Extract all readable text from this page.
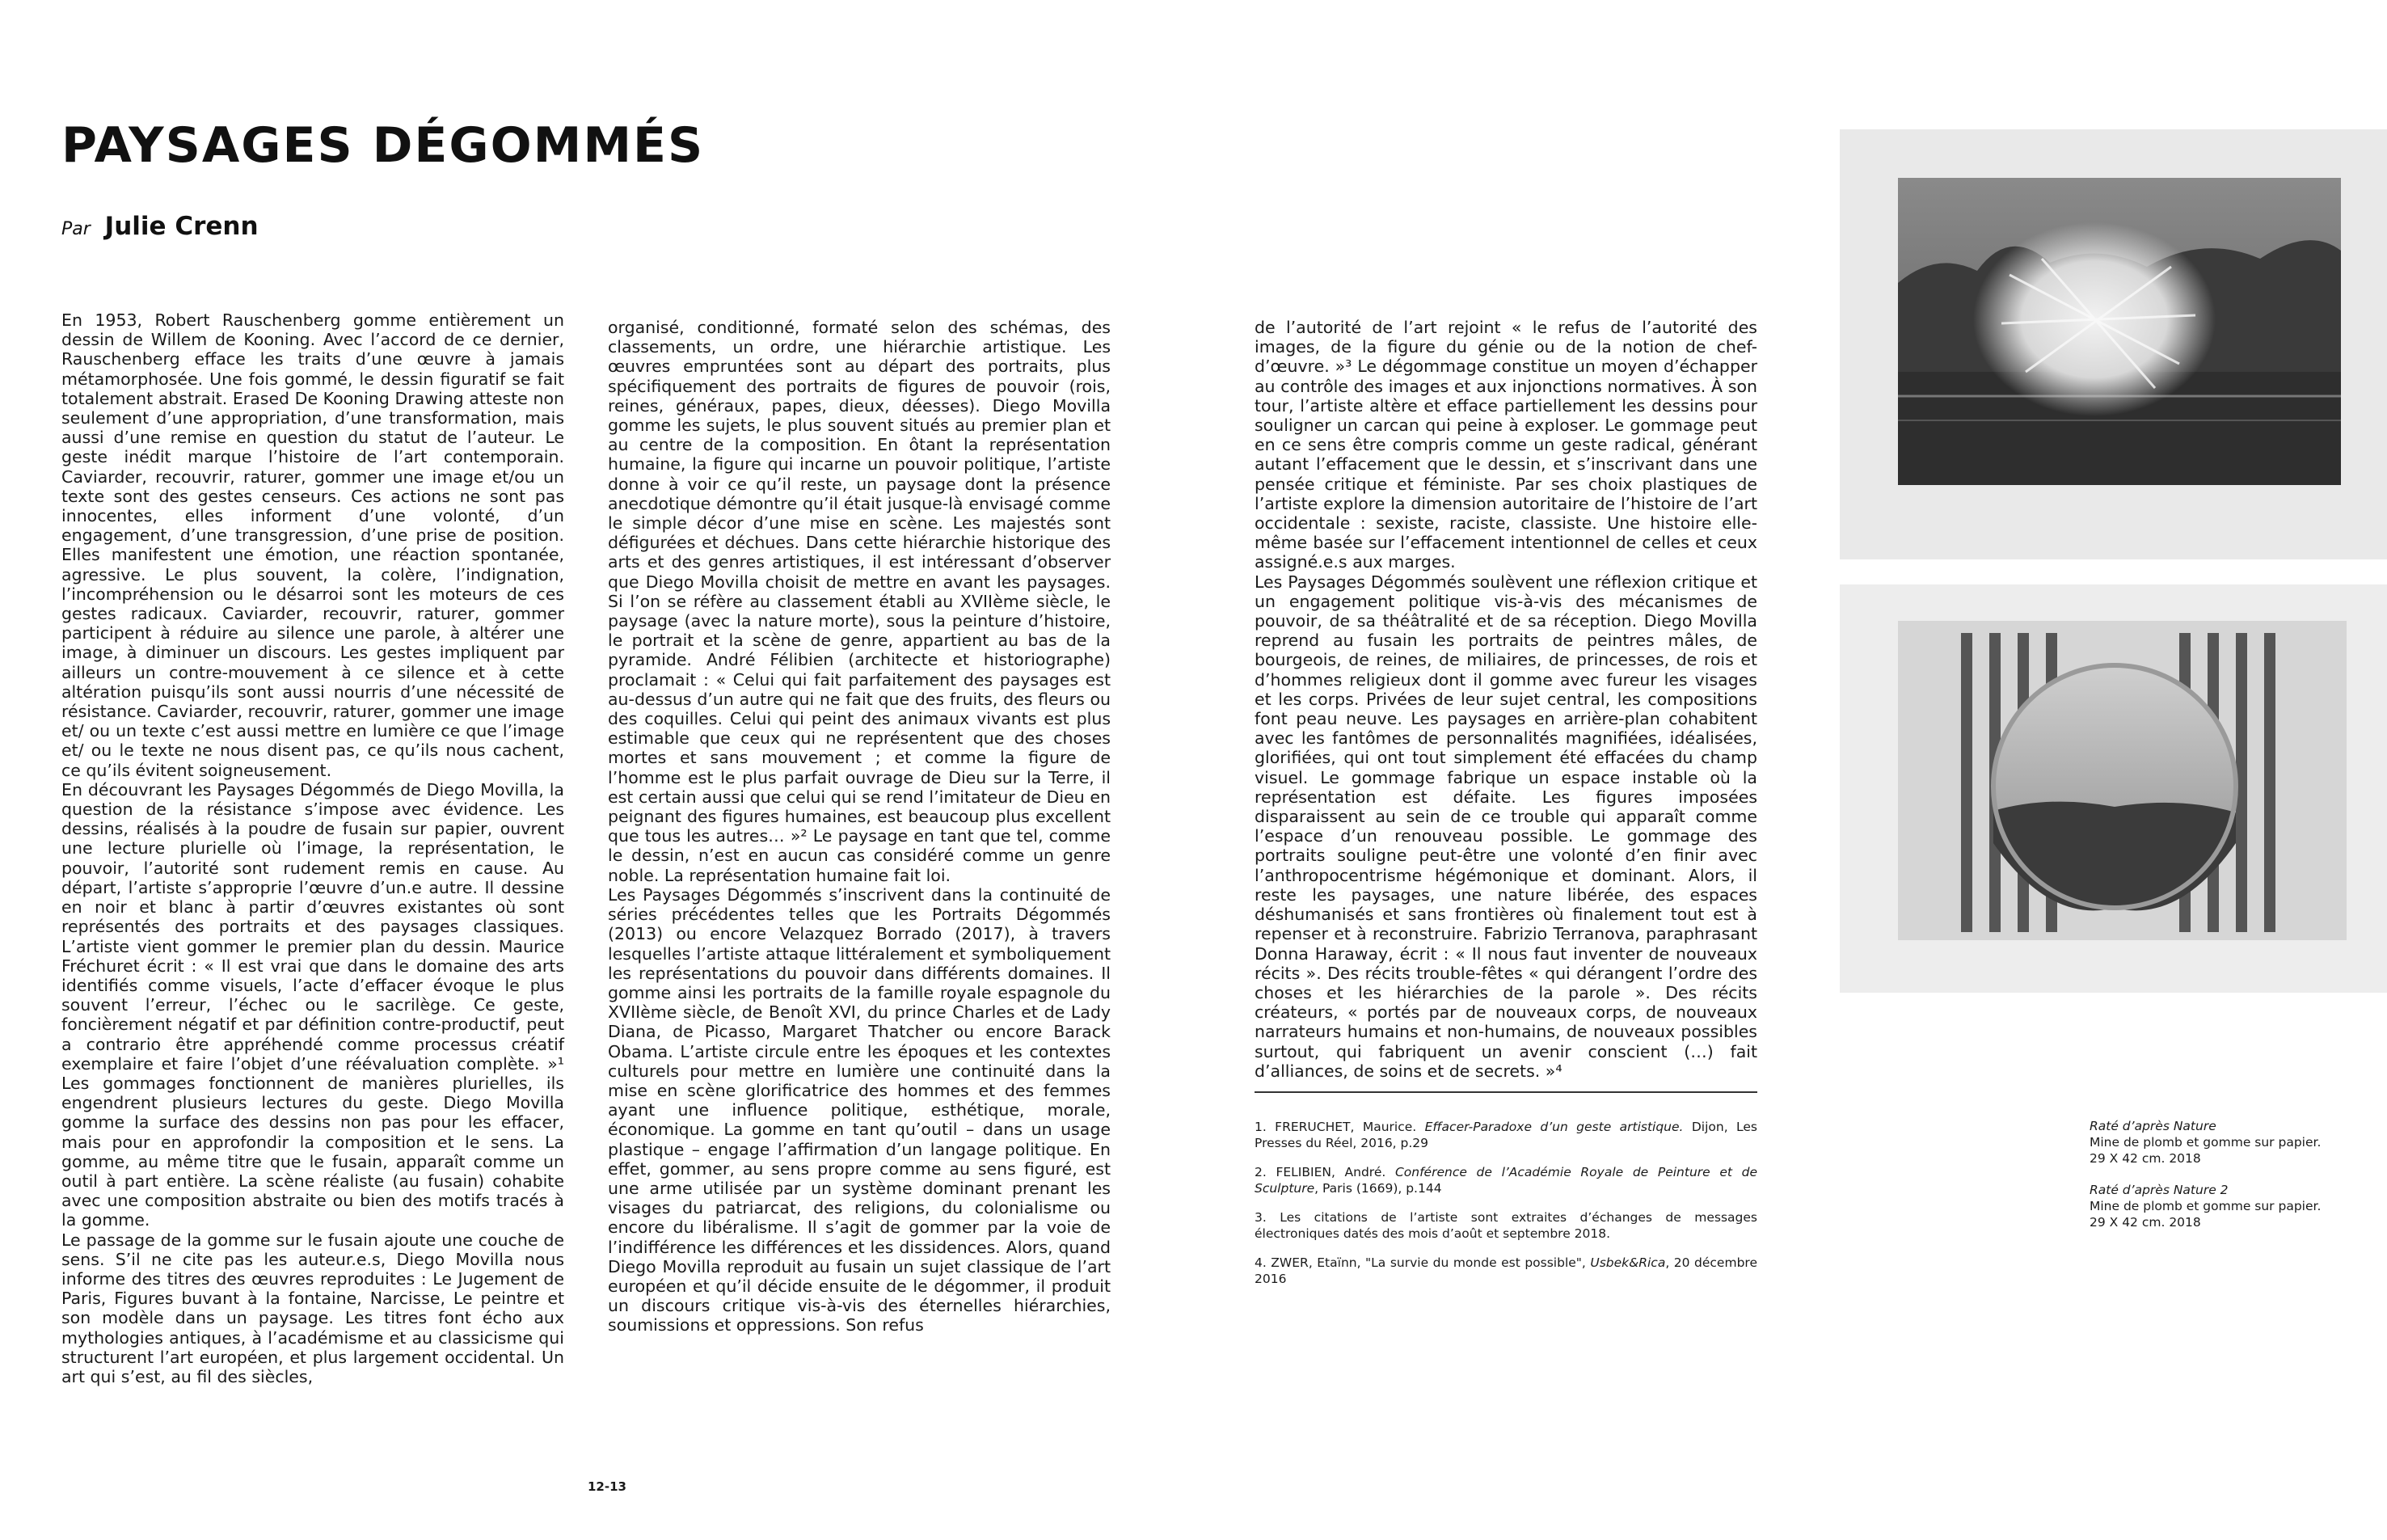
PAYSAGES DÉGOMMÉS
Par Julie Crenn

En 1953, Robert Rauschenberg gomme entièrement un dessin de Willem de Kooning. Avec l’accord de ce dernier, Rauschenberg efface les traits d’une œuvre à jamais métamorphosée. Une fois gommé, le dessin figuratif se fait totalement abstrait. Erased De Kooning Drawing atteste non seulement d’une appropriation, d’une transformation, mais aussi d’une remise en question du statut de l’auteur. Le geste inédit marque l’histoire de l’art contemporain. Caviarder, recouvrir, raturer, gommer une image et/ou un texte sont des gestes censeurs. Ces actions ne sont pas innocentes, elles informent d’une volonté, d’un engagement, d’une transgression, d’une prise de position. Elles manifestent une émotion, une réaction spontanée, agressive. Le plus souvent, la colère, l’indignation, l’incompréhension ou le désarroi sont les moteurs de ces gestes radicaux. Caviarder, recouvrir, raturer, gommer participent à réduire au silence une parole, à altérer une image, à diminuer un discours. Les gestes impliquent par ailleurs un contre-mouvement à ce silence et à cette altération puisqu’ils sont aussi nourris d’une nécessité de résistance. Caviarder, recouvrir, raturer, gommer une image et/ ou un texte c’est aussi mettre en lumière ce que l’image et/ ou le texte ne nous disent pas, ce qu’ils nous cachent, ce qu’ils évitent soigneusement.

En découvrant les Paysages Dégommés de Diego Movilla, la question de la résistance s’impose avec évidence. Les dessins, réalisés à la poudre de fusain sur papier, ouvrent une lecture plurielle où l’image, la représentation, le pouvoir, l’autorité sont rudement remis en cause. Au départ, l’artiste s’approprie l’œuvre d’un.e autre. Il dessine en noir et blanc à partir d’œuvres existantes où sont représentés des portraits et des paysages classiques. L’artiste vient gommer le premier plan du dessin. Maurice Fréchuret écrit : « Il est vrai que dans le domaine des arts identifiés comme visuels, l’acte d’effacer évoque le plus souvent l’erreur, l’échec ou le sacrilège. Ce geste, foncièrement négatif et par définition contre-productif, peut a contrario être appréhendé comme processus créatif exemplaire et faire l’objet d’une réévaluation complète. »¹ Les gommages fonctionnent de manières plurielles, ils engendrent plusieurs lectures du geste. Diego Movilla gomme la surface des dessins non pas pour les effacer, mais pour en approfondir la composition et le sens. La gomme, au même titre que le fusain, apparaît comme un outil à part entière. La scène réaliste (au fusain) cohabite avec une composition abstraite ou bien des motifs tracés à la gomme.

Le passage de la gomme sur le fusain ajoute une couche de sens. S’il ne cite pas les auteur.e.s, Diego Movilla nous informe des titres des œuvres reproduites : Le Jugement de Paris, Figures buvant à la fontaine, Narcisse, Le peintre et son modèle dans un paysage. Les titres font écho aux mythologies antiques, à l’académisme et au classicisme qui structurent l’art européen, et plus largement occidental. Un art qui s’est, au fil des siècles,

organisé, conditionné, formaté selon des schémas, des classements, un ordre, une hiérarchie artistique. Les œuvres empruntées sont au départ des portraits, plus spécifiquement des portraits de figures de pouvoir (rois, reines, généraux, papes, dieux, déesses). Diego Movilla gomme les sujets, le plus souvent situés au premier plan et au centre de la composition. En ôtant la représentation humaine, la figure qui incarne un pouvoir politique, l’artiste donne à voir ce qu’il reste, un paysage dont la présence anecdotique démontre qu’il était jusque-là envisagé comme le simple décor d’une mise en scène. Les majestés sont défigurées et déchues. Dans cette hiérarchie historique des arts et des genres artistiques, il est intéressant d’observer que Diego Movilla choisit de mettre en avant les paysages. Si l’on se réfère au classement établi au XVIIème siècle, le paysage (avec la nature morte), sous la peinture d’histoire, le portrait et la scène de genre, appartient au bas de la pyramide. André Félibien (architecte et historiographe) proclamait : « Celui qui fait parfaitement des paysages est au-dessus d’un autre qui ne fait que des fruits, des fleurs ou des coquilles. Celui qui peint des animaux vivants est plus estimable que ceux qui ne représentent que des choses mortes et sans mouvement ; et comme la figure de l’homme est le plus parfait ouvrage de Dieu sur la Terre, il est certain aussi que celui qui se rend l’imitateur de Dieu en peignant des figures humaines, est beaucoup plus excellent que tous les autres… »² Le paysage en tant que tel, comme le dessin, n’est en aucun cas considéré comme un genre noble. La représentation humaine fait loi.

Les Paysages Dégommés s’inscrivent dans la continuité de séries précédentes telles que les Portraits Dégommés (2013) ou encore Velazquez Borrado (2017), à travers lesquelles l’artiste attaque littéralement et symboliquement les représentations du pouvoir dans différents domaines. Il gomme ainsi les portraits de la famille royale espagnole du XVIIème siècle, de Benoît XVI, du prince Charles et de Lady Diana, de Picasso, Margaret Thatcher ou encore Barack Obama. L’artiste circule entre les époques et les contextes culturels pour mettre en lumière une continuité dans la mise en scène glorificatrice des hommes et des femmes ayant une influence politique, esthétique, morale, économique. La gomme en tant qu’outil – dans un usage plastique – engage l’affirmation d’un langage politique. En effet, gommer, au sens propre comme au sens figuré, est une arme utilisée par un système dominant prenant les visages du patriarcat, des religions, du colonialisme ou encore du libéralisme. Il s’agit de gommer par la voie de l’indifférence les différences et les dissidences. Alors, quand Diego Movilla reproduit au fusain un sujet classique de l’art européen et qu’il décide ensuite de le dégommer, il produit un discours critique vis-à-vis des éternelles hiérarchies, soumissions et oppressions. Son refus

de l’autorité de l’art rejoint « le refus de l’autorité des images, de la figure du génie ou de la notion de chef-d’œuvre. »³ Le dégommage constitue un moyen d’échapper au contrôle des images et aux injonctions normatives. À son tour, l’artiste altère et efface partiellement les dessins pour souligner un carcan qui peine à exploser. Le gommage peut en ce sens être compris comme un geste radical, générant autant l’effacement que le dessin, et s’inscrivant dans une pensée critique et féministe. Par ses choix plastiques de l’artiste explore la dimension autoritaire de l’histoire de l’art occidentale : sexiste, raciste, classiste. Une histoire elle-même basée sur l’effacement intentionnel de celles et ceux assigné.e.s aux marges.

Les Paysages Dégommés soulèvent une réflexion critique et un engagement politique vis-à-vis des mécanismes de pouvoir, de sa théâtralité et de sa réception. Diego Movilla reprend au fusain les portraits de peintres mâles, de bourgeois, de reines, de miliaires, de princesses, de rois et d’hommes religieux dont il gomme avec fureur les visages et les corps. Privées de leur sujet central, les compositions font peau neuve. Les paysages en arrière-plan cohabitent avec les fantômes de personnalités magnifiées, idéalisées, glorifiées, qui ont tout simplement été effacées du champ visuel. Le gommage fabrique un espace instable où la représentation est défaite. Les figures imposées disparaissent au sein de ce trouble qui apparaît comme l’espace d’un renouveau possible. Le gommage des portraits souligne peut-être une volonté d’en finir avec l’anthropocentrisme hégémonique et dominant. Alors, il reste les paysages, une nature libérée, des espaces déshumanisés et sans frontières où finalement tout est à repenser et à reconstruire. Fabrizio Terranova, paraphrasant Donna Haraway, écrit : « Il nous faut inventer de nouveaux récits ». Des récits trouble-fêtes « qui dérangent l’ordre des choses et les hiérarchies de la parole ». Des récits créateurs, « portés par de nouveaux corps, de nouveaux narrateurs humains et non-humains, de nouveaux possibles surtout, qui fabriquent un avenir conscient (…) fait d’alliances, de soins et de secrets. »⁴

1. FRERUCHET, Maurice. Effacer-Paradoxe d’un geste artistique. Dijon, Les Presses du Réel, 2016, p.29

2. FELIBIEN, André. Conférence de l’Académie Royale de Peinture et de Sculpture, Paris (1669), p.144

3. Les citations de l’artiste sont extraites d’échanges de messages électroniques datés des mois d’août et septembre 2018.

4. ZWER, Etaïnn, "La survie du monde est possible", Usbek&Rica, 20 décembre 2016

Raté d’après Nature
Mine de plomb et gomme sur papier.
29 X 42 cm. 2018
Raté d’après Nature 2
Mine de plomb et gomme sur papier.
29 X 42 cm. 2018
12-13
